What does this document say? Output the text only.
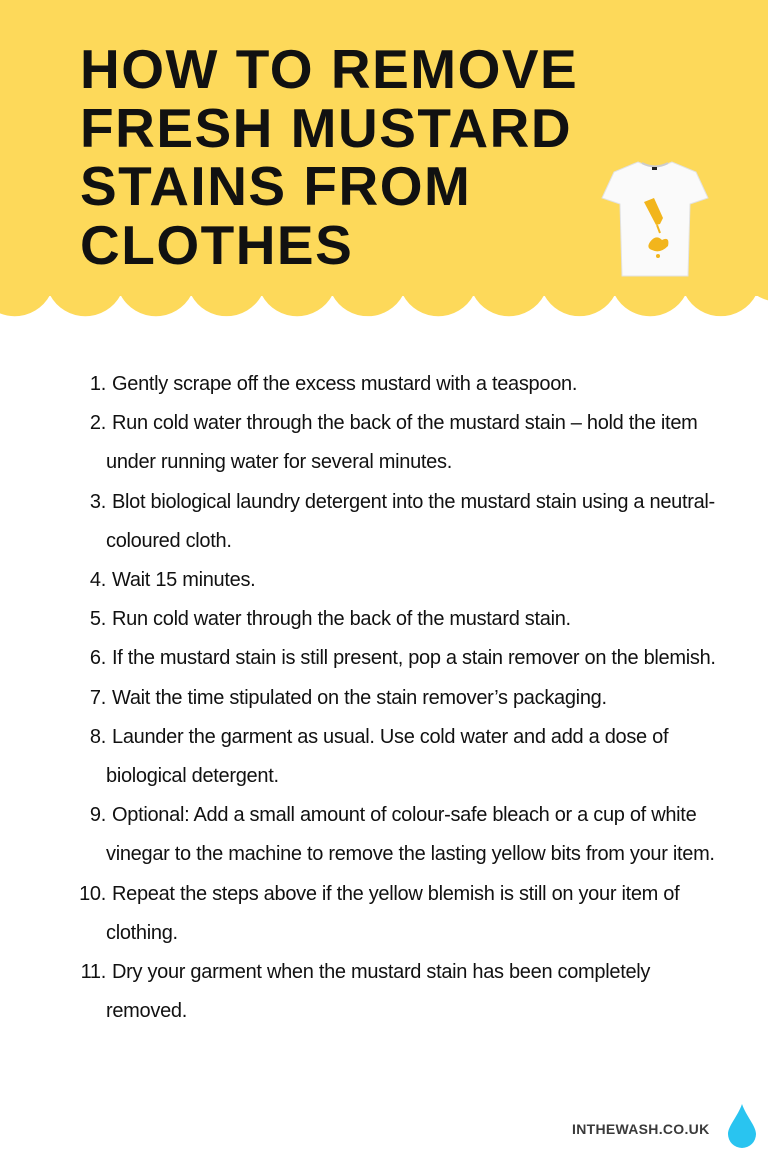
HOW TO REMOVE
FRESH MUSTARD
STAINS FROM
CLOTHES
1. Gently scrape off the excess mustard with a teaspoon.
2. Run cold water through the back of the mustard stain – hold the item under running water for several minutes.
3. Blot biological laundry detergent into the mustard stain using a neutral-coloured cloth.
4. Wait 15 minutes.
5. Run cold water through the back of the mustard stain.
6. If the mustard stain is still present, pop a stain remover on the blemish.
7. Wait the time stipulated on the stain remover’s packaging.
8. Launder the garment as usual. Use cold water and add a dose of biological detergent.
9. Optional: Add a small amount of colour-safe bleach or a cup of white vinegar to the machine to remove the lasting yellow bits from your item.
10. Repeat the steps above if the yellow blemish is still on your item of clothing.
11. Dry your garment when the mustard stain has been completely removed.
INTHEWASH.CO.UK
